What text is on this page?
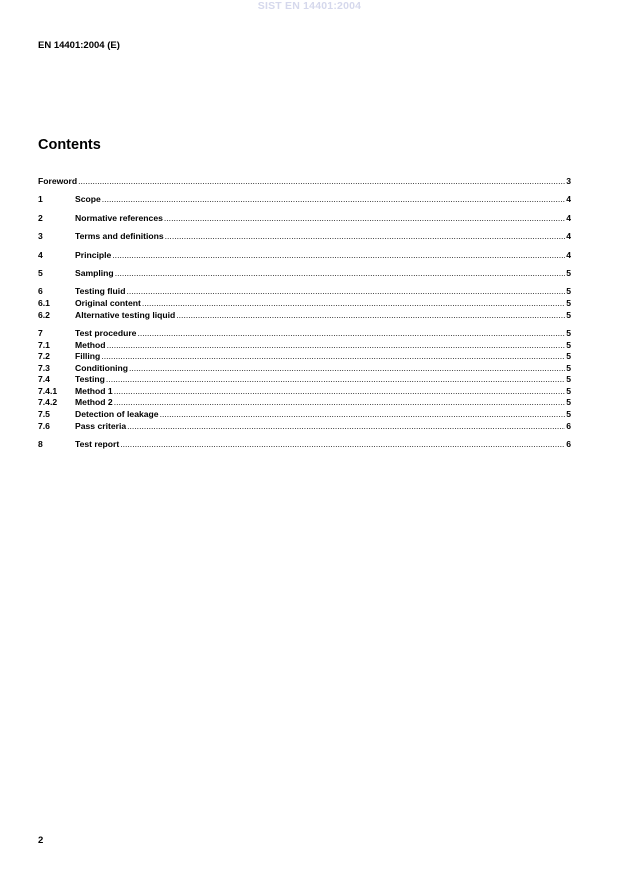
SIST EN 14401:2004
EN 14401:2004 (E)
Contents
Foreword .....	3
1	Scope .....	4
2	Normative references .....	4
3	Terms and definitions .....	4
4	Principle .....	4
5	Sampling .....	5
6	Testing fluid .....	5
6.1	Original content .....	5
6.2	Alternative testing liquid .....	5
7	Test procedure .....	5
7.1	Method .....	5
7.2	Filling .....	5
7.3	Conditioning .....	5
7.4	Testing .....	5
7.4.1	Method 1 .....	5
7.4.2	Method 2 .....	5
7.5	Detection of leakage .....	5
7.6	Pass criteria .....	6
8	Test report .....	6
2
